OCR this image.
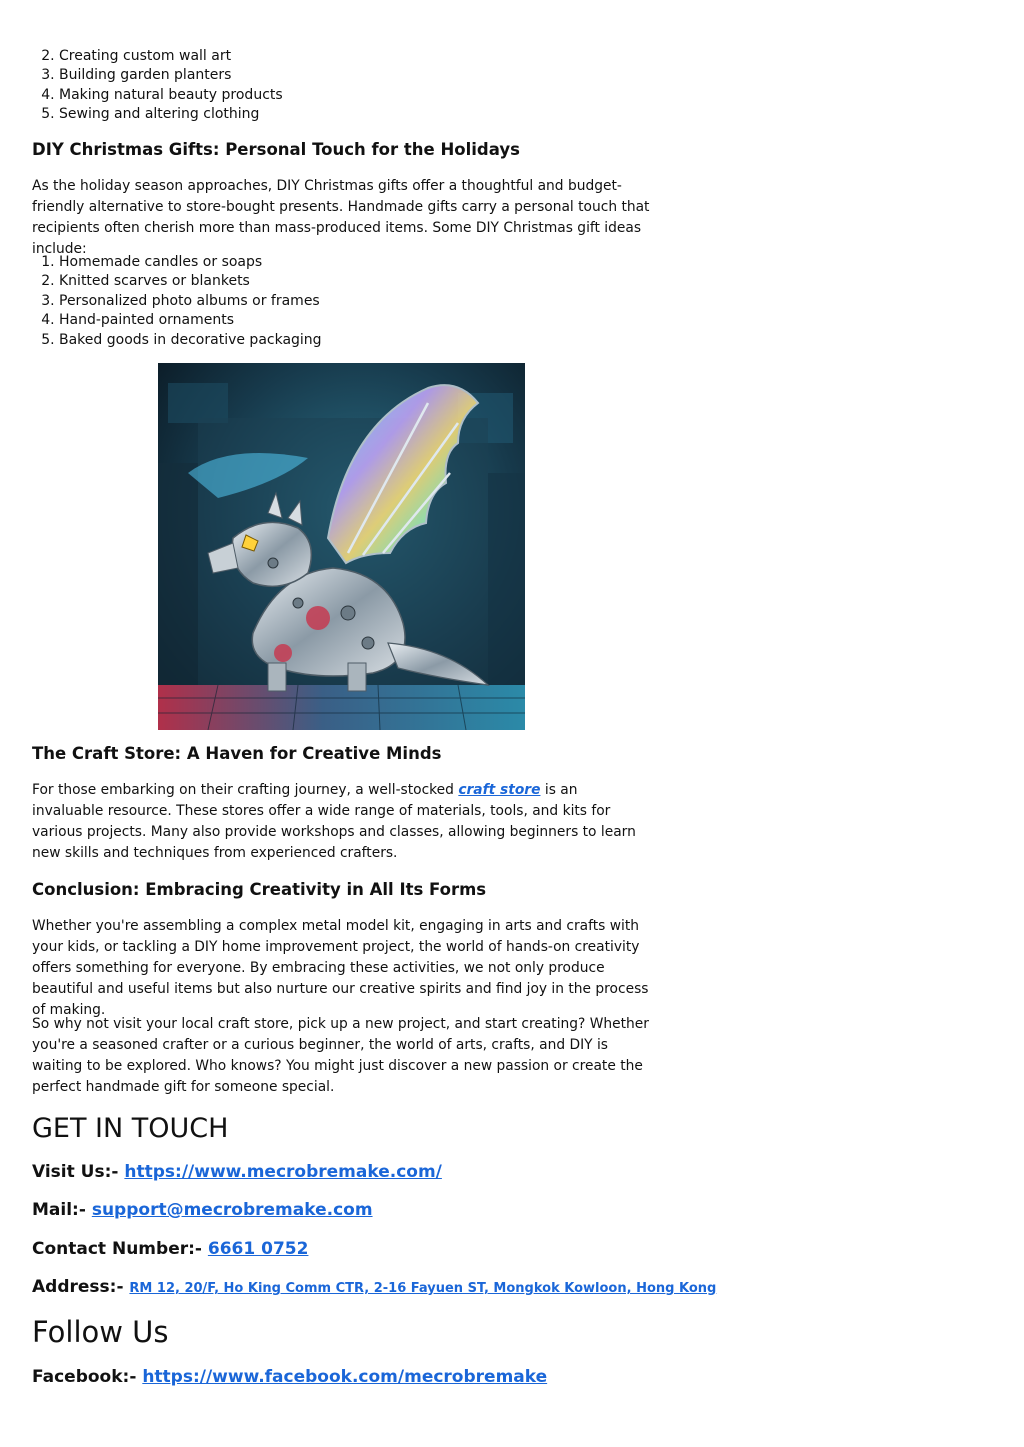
2. Creating custom wall art
3. Building garden planters
4. Making natural beauty products
5. Sewing and altering clothing
DIY Christmas Gifts: Personal Touch for the Holidays

As the holiday season approaches, DIY Christmas gifts offer a thoughtful and budget-friendly alternative to store-bought presents. Handmade gifts carry a personal touch that recipients often cherish more than mass-produced items. Some DIY Christmas gift ideas include:

1. Homemade candles or soaps
2. Knitted scarves or blankets
3. Personalized photo albums or frames
4. Hand-painted ornaments
5. Baked goods in decorative packaging
The Craft Store: A Haven for Creative Minds

For those embarking on their crafting journey, a well-stocked craft store is an invaluable resource. These stores offer a wide range of materials, tools, and kits for various projects. Many also provide workshops and classes, allowing beginners to learn new skills and techniques from experienced crafters.

Conclusion: Embracing Creativity in All Its Forms

Whether you're assembling a complex metal model kit, engaging in arts and crafts with your kids, or tackling a DIY home improvement project, the world of hands-on creativity offers something for everyone. By embracing these activities, we not only produce beautiful and useful items but also nurture our creative spirits and find joy in the process of making.

So why not visit your local craft store, pick up a new project, and start creating? Whether you're a seasoned crafter or a curious beginner, the world of arts, crafts, and DIY is waiting to be explored. Who knows? You might just discover a new passion or create the perfect handmade gift for someone special.

GET IN TOUCH
Visit Us:- https://www.mecrobremake.com/
Mail:- support@mecrobremake.com
Contact Number:- 6661 0752
Address:- RM 12, 20/F, Ho King Comm CTR, 2-16 Fayuen ST, Mongkok Kowloon, Hong Kong
Follow Us
Facebook:- https://www.facebook.com/mecrobremake
